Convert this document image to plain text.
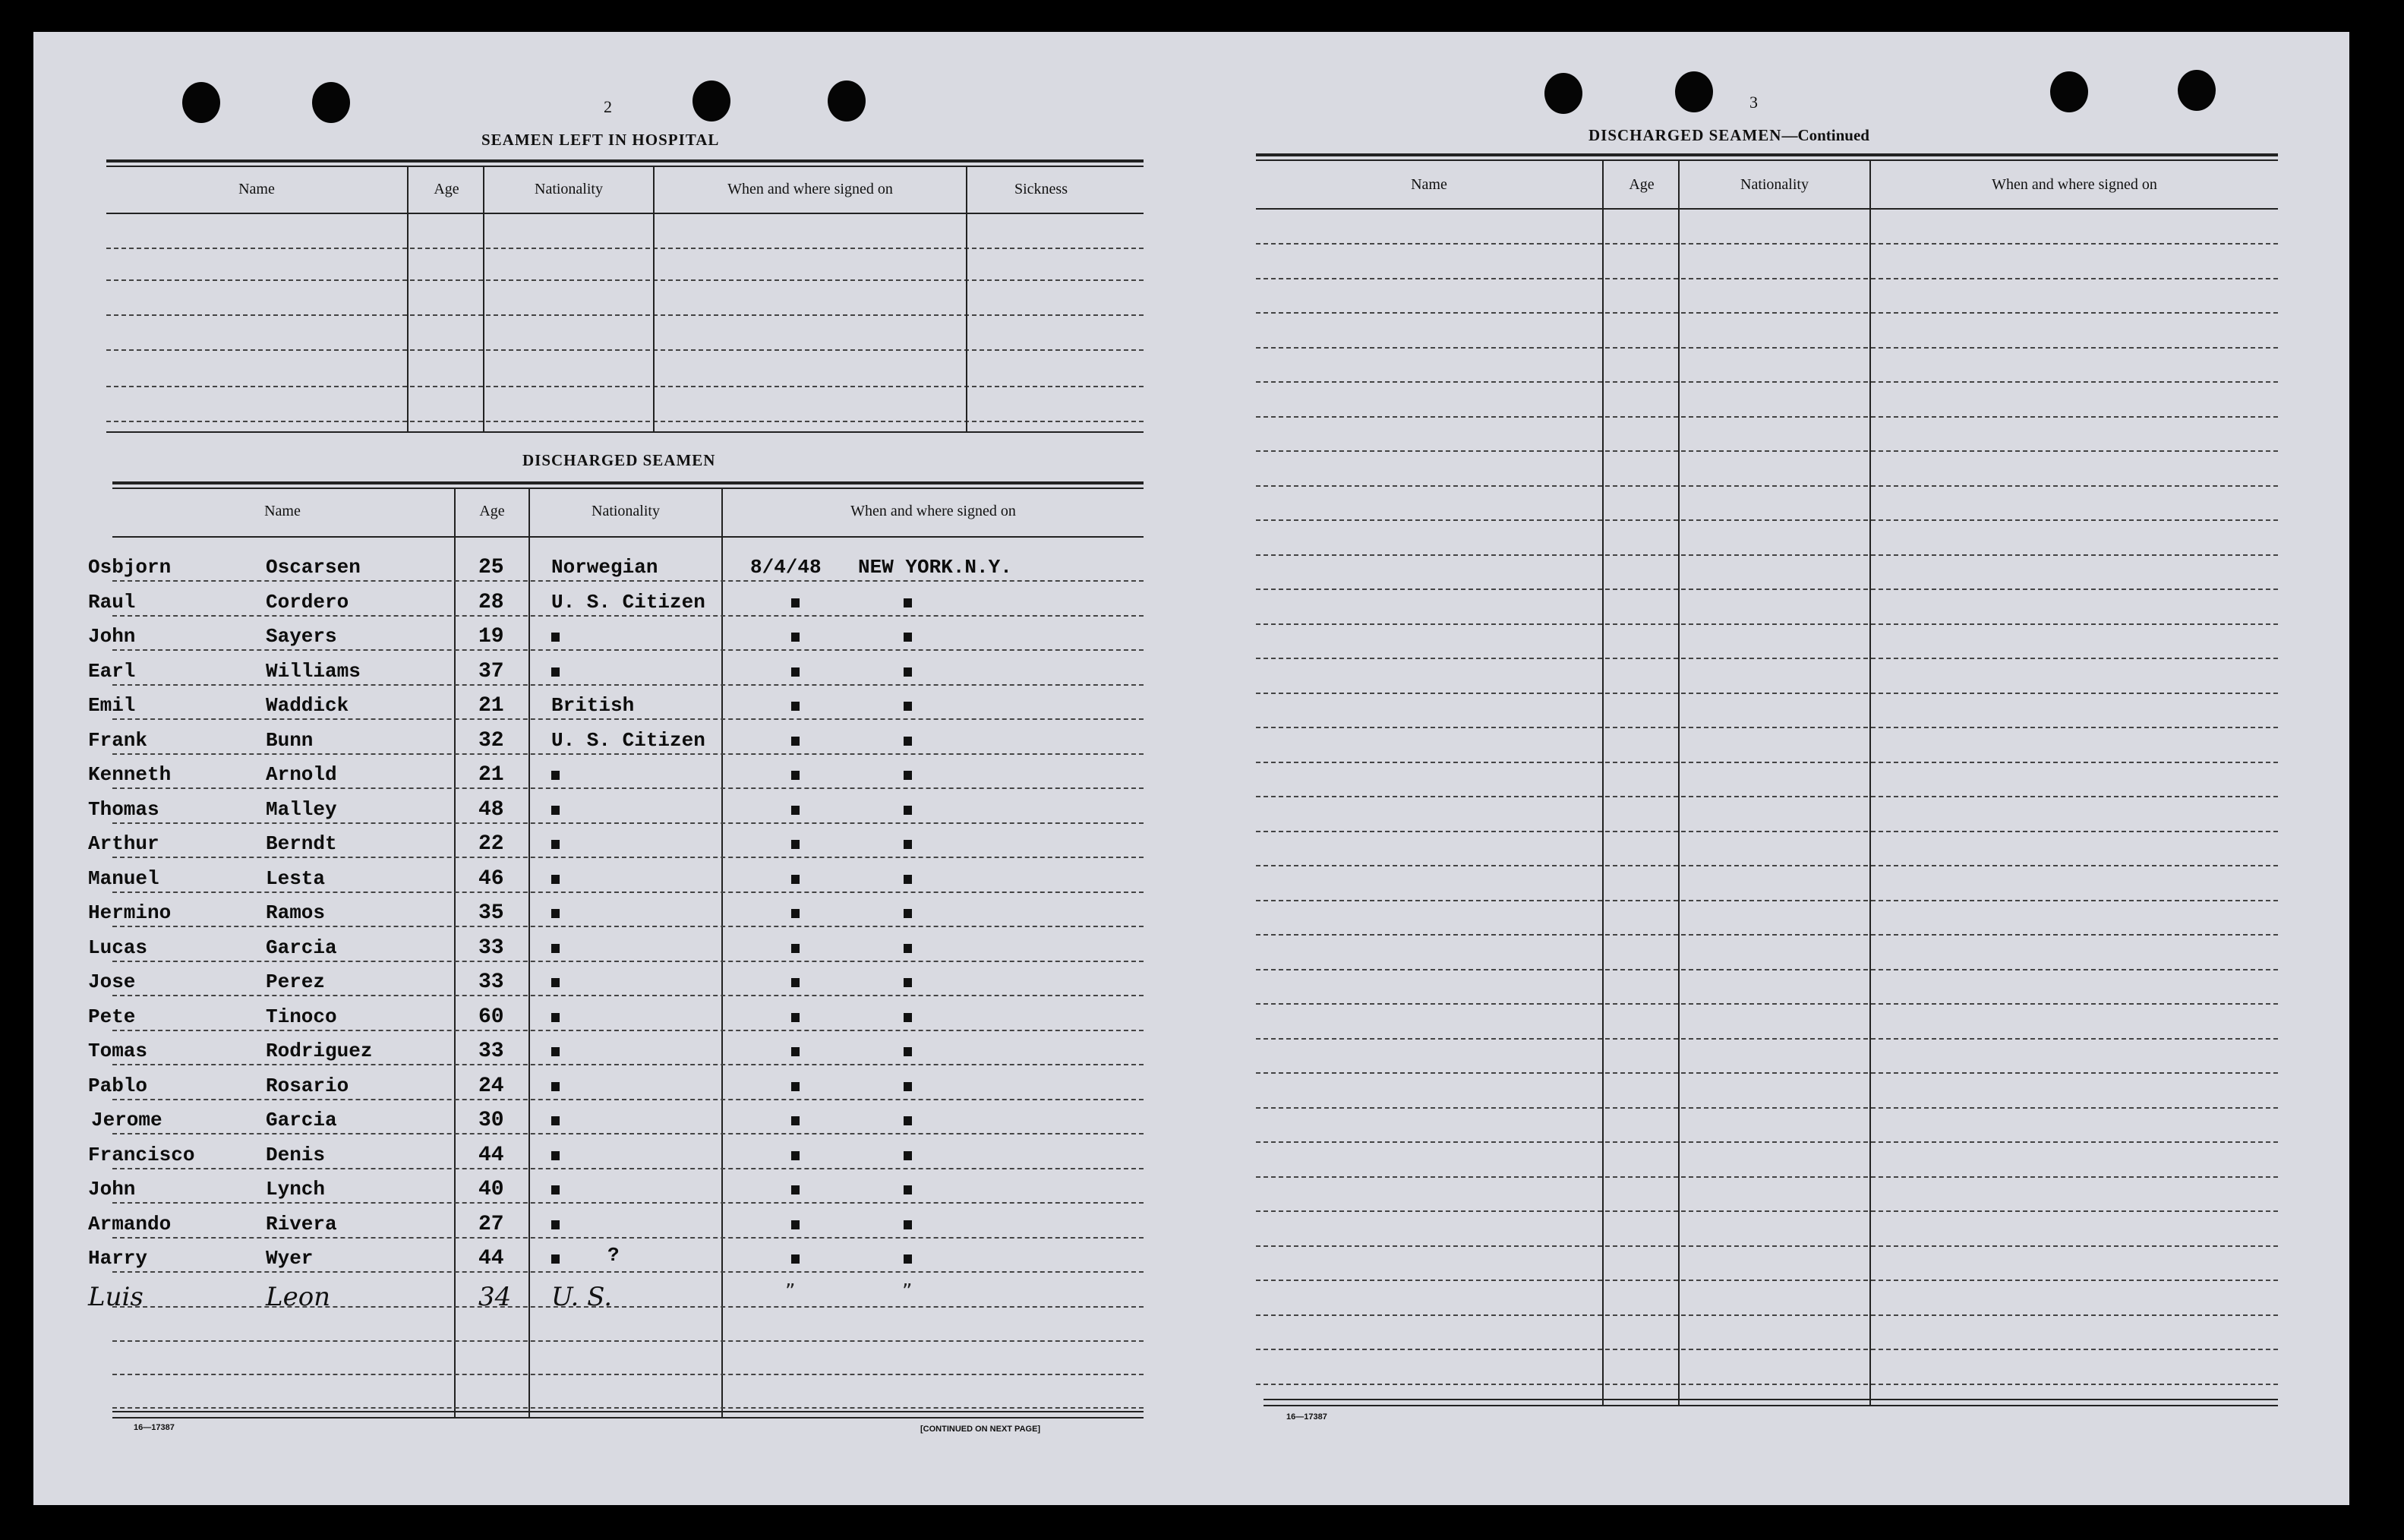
2
SEAMEN LEFT IN HOSPITAL
Name	Age	Nationality	When and where signed on	Sickness
DISCHARGED SEAMEN
Name	Age	Nationality	When and where signed on
Osbjorn	Oscarsen	25 Norwegian	8/4/48 NEW YORK.N.Y.
Raul	Cordero	28 U. S. Citizen
John	Sayers	19
Earl	Williams	37
Emil	Waddick	21 British
Frank	Bunn	32 U. S. Citizen
Kenneth	Arnold	21
Thomas	Malley	48
Arthur	Berndt	22
Manuel	Lesta	46
Hermino	Ramos	35
Lucas	Garcia	33
Jose	Perez	33
Pete	Tinoco	60
Tomas	Rodriguez	33
Pablo	Rosario	24
Jerome	Garcia	30
Francisco	Denis	44
John	Lynch	40
Armando	Rivera	27
Harry	Wyer	44	?
Luis	Leon	34 U. S.	”	”
16—17387	[CONTINUED ON NEXT PAGE]
3
DISCHARGED SEAMEN—Continued
Name	Age	Nationality	When and where signed on
16—17387
